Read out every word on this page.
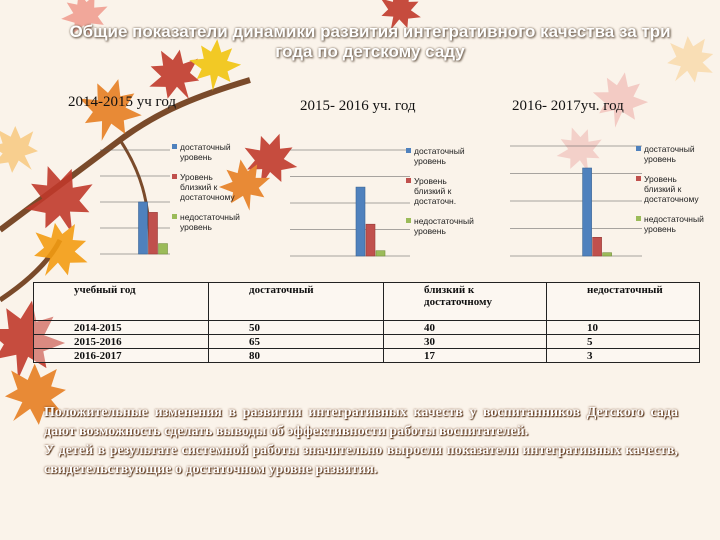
Общие показатели динамики развития интегративного качества за три года по детскому саду
2014-2015 уч год
достаточный уровень
Уровень близкий к достаточному
недостаточный уровень
2015- 2016 уч. год
достаточный уровень
Уровень близкий к достаточн.
недостаточный уровень
2016- 2017уч. год
достаточный уровень
Уровень близкий к достаточному
недостаточный уровень
учебный год	достаточный	близкий к достаточному	недостаточный
2014-2015	50	40	10
2015-2016	65	30	5
2016-2017	80	17	3

Положительные изменения в развитии интегративных качеств у воспитанников Детского сада дают возможность сделать выводы об эффективности работы воспитателей.

У детей в результате системной работы значительно выросли показатели интегративных качеств, свидетельствующие о достаточном уровне развития.
